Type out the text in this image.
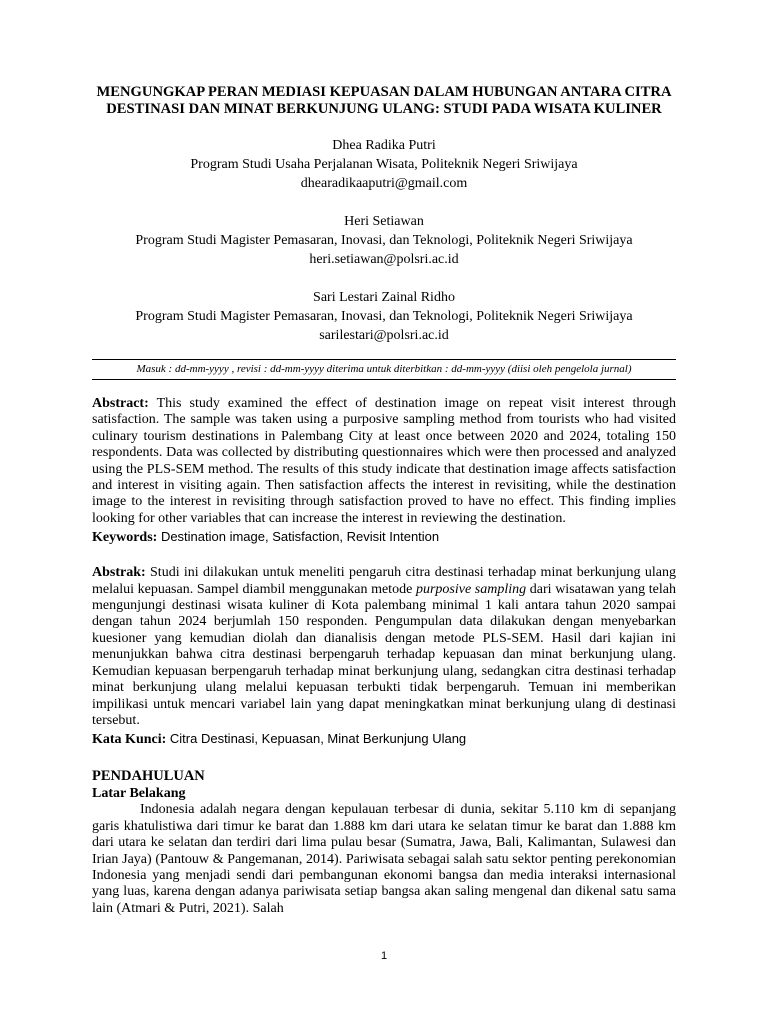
MENGUNGKAP PERAN MEDIASI KEPUASAN DALAM HUBUNGAN ANTARA CITRA DESTINASI DAN MINAT BERKUNJUNG ULANG: STUDI PADA WISATA KULINER
Dhea Radika Putri
Program Studi Usaha Perjalanan Wisata, Politeknik Negeri Sriwijaya
dhearadikaaputri@gmail.com
Heri Setiawan
Program Studi Magister Pemasaran, Inovasi, dan Teknologi, Politeknik Negeri Sriwijaya
heri.setiawan@polsri.ac.id
Sari Lestari Zainal Ridho
Program Studi Magister Pemasaran, Inovasi, dan Teknologi, Politeknik Negeri Sriwijaya
sarilestari@polsri.ac.id
Masuk : dd-mm-yyyy , revisi : dd-mm-yyyy diterima untuk diterbitkan : dd-mm-yyyy (diisi oleh pengelola jurnal)
Abstract: This study examined the effect of destination image on repeat visit interest through satisfaction. The sample was taken using a purposive sampling method from tourists who had visited culinary tourism destinations in Palembang City at least once between 2020 and 2024, totaling 150 respondents. Data was collected by distributing questionnaires which were then processed and analyzed using the PLS-SEM method. The results of this study indicate that destination image affects satisfaction and interest in visiting again. Then satisfaction affects the interest in revisiting, while the destination image to the interest in revisiting through satisfaction proved to have no effect. This finding implies looking for other variables that can increase the interest in reviewing the destination.
Keywords: Destination image, Satisfaction, Revisit Intention
Abstrak: Studi ini dilakukan untuk meneliti pengaruh citra destinasi terhadap minat berkunjung ulang melalui kepuasan. Sampel diambil menggunakan metode purposive sampling dari wisatawan yang telah mengunjungi destinasi wisata kuliner di Kota palembang minimal 1 kali antara tahun 2020 sampai dengan tahun 2024 berjumlah 150 responden. Pengumpulan data dilakukan dengan menyebarkan kuesioner yang kemudian diolah dan dianalisis dengan metode PLS-SEM. Hasil dari kajian ini menunjukkan bahwa citra destinasi berpengaruh terhadap kepuasan dan minat berkunjung ulang. Kemudian kepuasan berpengaruh terhadap minat berkunjung ulang, sedangkan citra destinasi terhadap minat berkunjung ulang melalui kepuasan terbukti tidak berpengaruh. Temuan ini memberikan impilikasi untuk mencari variabel lain yang dapat meningkatkan minat berkunjung ulang di destinasi tersebut.
Kata Kunci: Citra Destinasi, Kepuasan, Minat Berkunjung Ulang
PENDAHULUAN
Latar Belakang

Indonesia adalah negara dengan kepulauan terbesar di dunia, sekitar 5.110 km di sepanjang garis khatulistiwa dari timur ke barat dan 1.888 km dari utara ke selatan timur ke barat dan 1.888 km dari utara ke selatan dan terdiri dari lima pulau besar (Sumatra, Jawa, Bali, Kalimantan, Sulawesi dan Irian Jaya) (Pantouw & Pangemanan, 2014). Pariwisata sebagai salah satu sektor penting perekonomian Indonesia yang menjadi sendi dari pembangunan ekonomi bangsa dan media interaksi internasional yang luas, karena dengan adanya pariwisata setiap bangsa akan saling mengenal dan dikenal satu sama lain (Atmari & Putri, 2021). Salah

1
